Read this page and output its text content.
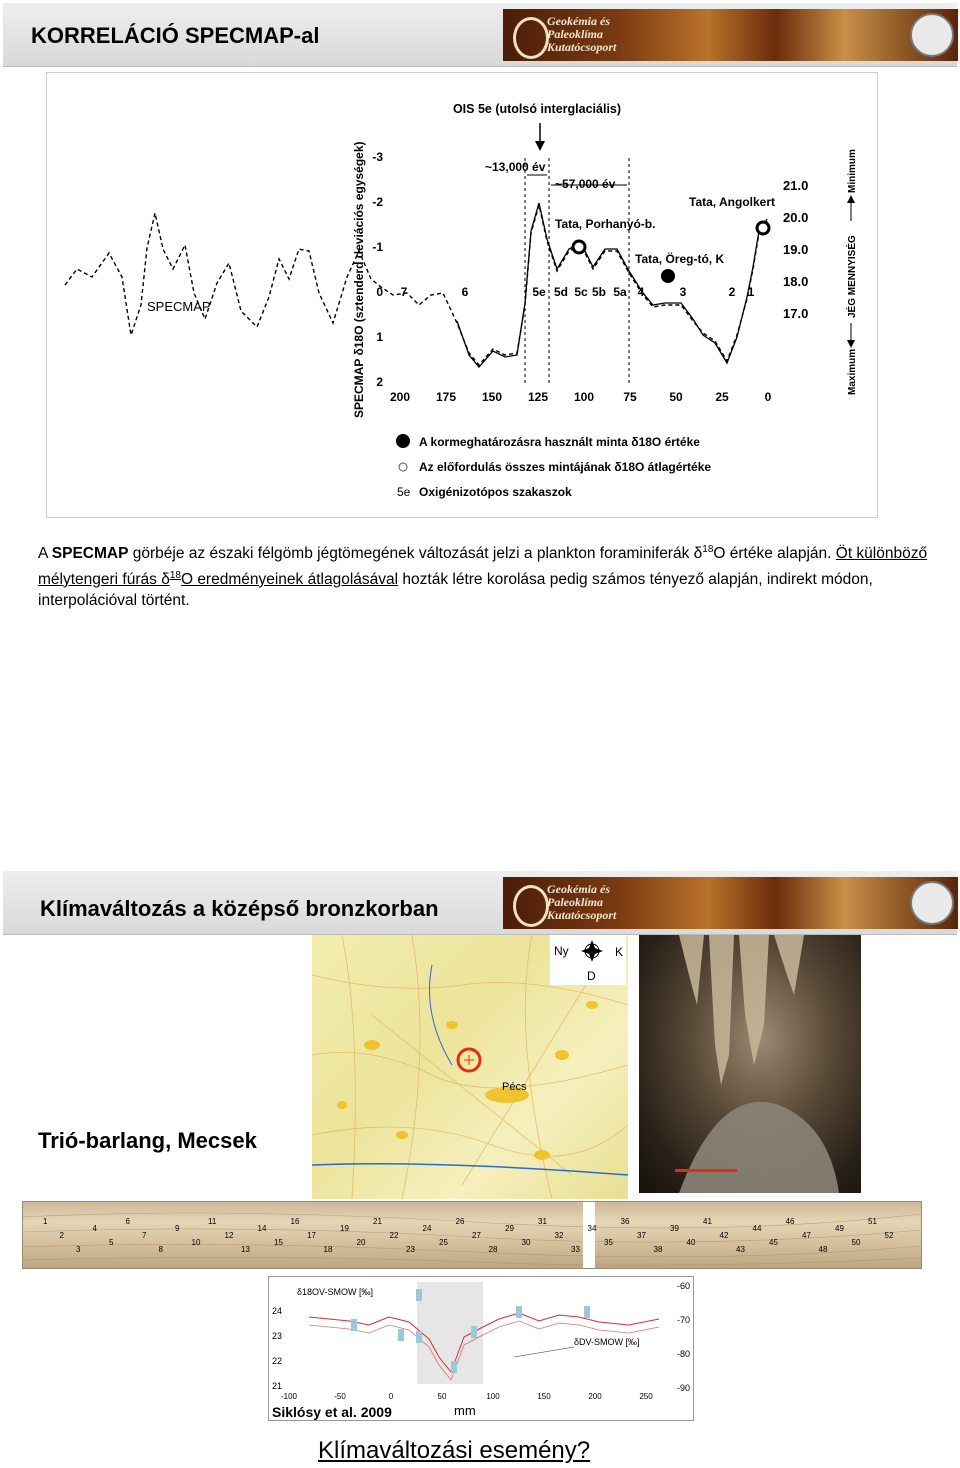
KORRELÁCIÓ SPECMAP-al
Geokémia és
Paleoklíma
Kutatócsoport
OIS 5e (utolsó interglaciális)
SPECMAP δ18O (sztenderd deviációs egységek) -3
-2
-1
0
1
2
200 175 150 125 100 75	50	25	0
21.0
20.0
19.0
18.0
17.0
Minimum
JÉG MENNYISÉG
Maximum
SPECMAP
~13,000 év
~57,000 év
Tata, Porhanyó-b.
Tata, Angolkert
Tata, Öreg-tó, K
7	6	5e 5d 5c 5b 5a 4	3	2 1
A kormeghatározásra használt minta δ18O értéke
Az előfordulás összes mintájának δ18O átlagértéke
5e Oxigénizotópos szakaszok
A SPECMAP görbéje az északi félgömb jégtömegének változását jelzi a plankton foraminiferák $\delta^{18}O$ értéke alapján. Öt különböző mélytengeri fúrás $\delta^{18}O$ eredményeinek átlagolásával hozták létre korolása pedig számos tényező alapján, indirekt módon, interpolációval történt.
Geokémia és
Paleoklíma
Kutatócsoport
Klímaváltozás a középső bronzkorban
Pécs
Ny	K
D
Trió-barlang, Mecsek
1
2
3
4
5
6
7
8
9
10
11
12
13
14
15
16
17
18
19
20
21
22
23
24
25
26
27
28
29
30
31
32
33
34
35
36
37
38
39
40
41
42
43
44
45
46
47
48
49
50
51
52
24
23
22
21
-60
-70
-80
-90
-100	-50	0	50	100	150	200	250
δ18OV-SMOW [‰]
δDV-SMOW [‰]
Siklósy et al. 2009	mm
Klímaváltozási esemény?
